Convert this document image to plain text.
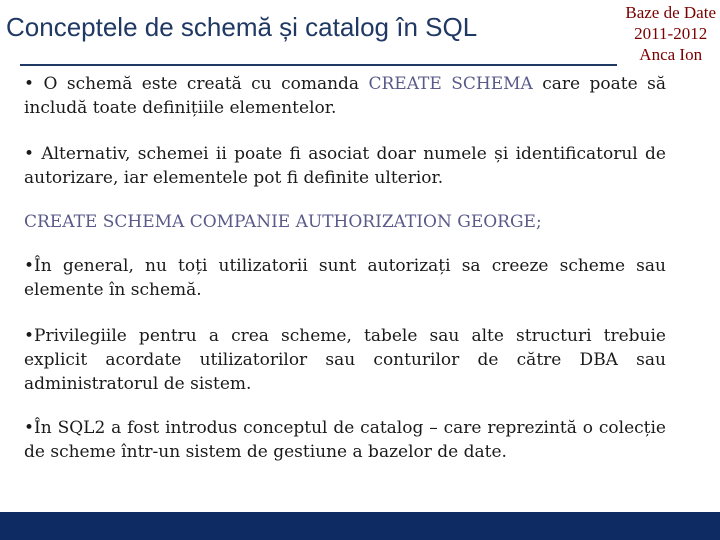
Conceptele de schemă și catalog în SQL	Baze de Date
2011-2012
Anca Ion

• O schemă este creată cu comanda CREATE SCHEMA care poate să includă toate definițiile elementelor.

• Alternativ, schemei ii poate fi asociat doar numele și identificatorul de autorizare, iar elementele pot fi definite ulterior.

CREATE SCHEMA COMPANIE AUTHORIZATION GEORGE;

•În general, nu toți utilizatorii sunt autorizați sa creeze scheme sau elemente în schemă.

•Privilegiile pentru a crea scheme, tabele sau alte structuri trebuie explicit acordate utilizatorilor sau conturilor de către DBA sau administratorul de sistem.

•În SQL2 a fost introdus conceptul de catalog – care reprezintă o colecție de scheme într-un sistem de gestiune a bazelor de date.
